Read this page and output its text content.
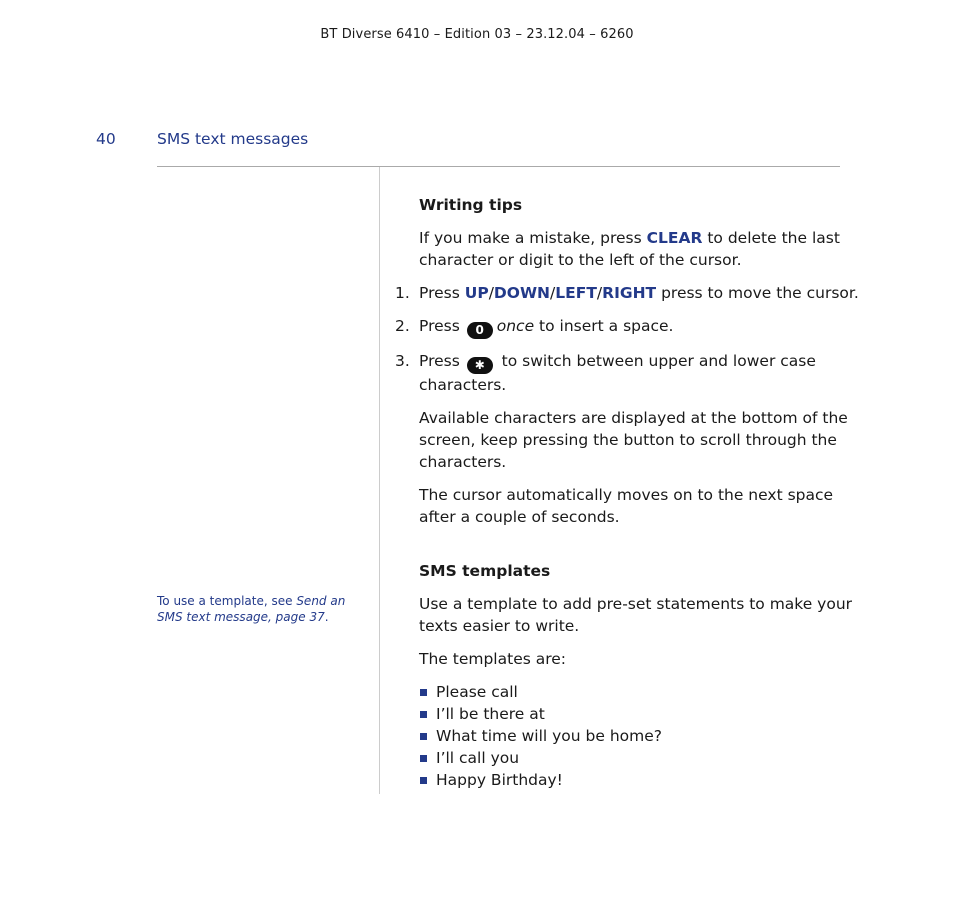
BT Diverse 6410 – Edition 03 – 23.12.04 – 6260
40	SMS text messages
To use a template, see Send an SMS text message, page 37.
Writing tips

If you make a mistake, press CLEAR to delete the last character or digit to the left of the cursor.

1. Press UP/DOWN/LEFT/RIGHT press to move the cursor.
2. Press 0 once to insert a space.
3. Press ✱ to switch between upper and lower case characters.

Available characters are displayed at the bottom of the screen, keep pressing the button to scroll through the characters.

The cursor automatically moves on to the next space after a couple of seconds.

SMS templates

Use a template to add pre-set statements to make your texts easier to write.

The templates are:

Please call
I’ll be there at
What time will you be home?
I’ll call you
Happy Birthday!
